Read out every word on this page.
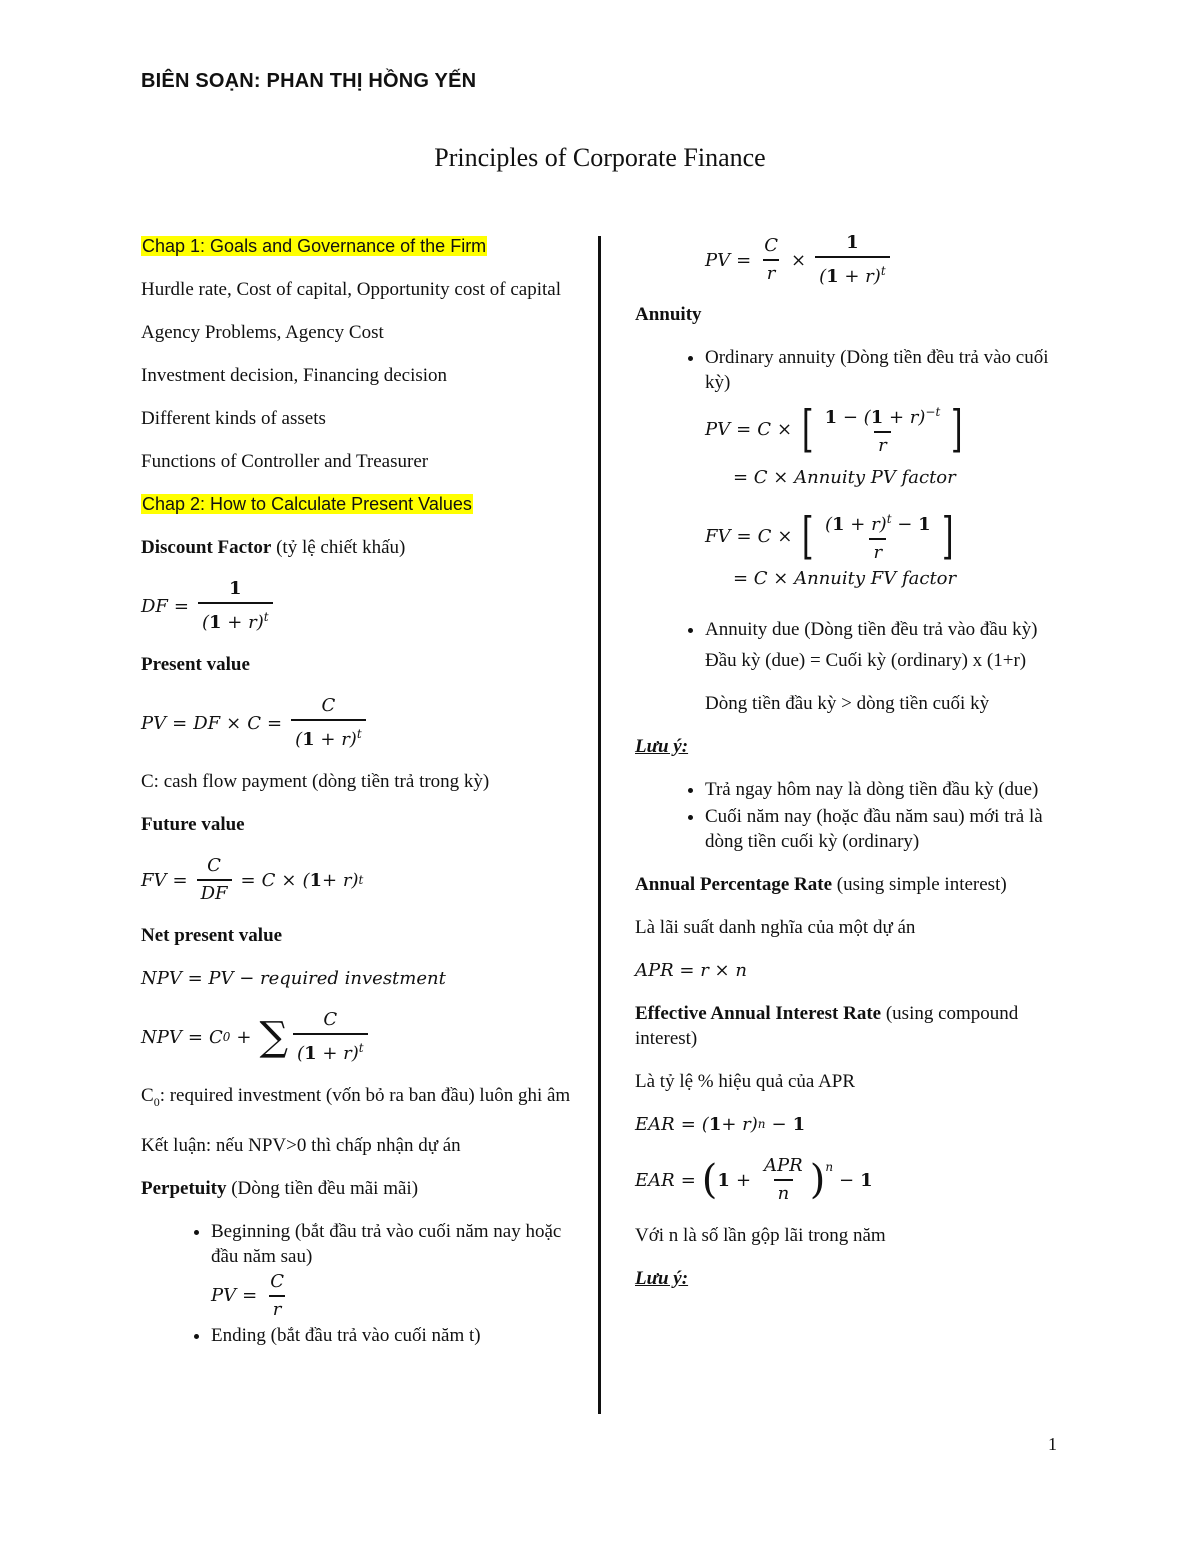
BIÊN SOẠN: PHAN THỊ HỒNG YẾN
Principles of Corporate Finance

Chap 1: Goals and Governance of the Firm

Hurdle rate, Cost of capital, Opportunity cost of capital

Agency Problems, Agency Cost

Investment decision, Financing decision

Different kinds of assets

Functions of Controller and Treasurer

Chap 2: How to Calculate Present Values

Discount Factor (tỷ lệ chiết khấu)

DF = $\frac{1}{(1 + r)^t}$

Present value

PV = DF × $C = \frac{C}{(1 + r)^t}$

C: cash flow payment (dòng tiền trả trong kỳ)

Future value

FV = $\frac{C}{DF} = C$ × ( 1 + r) t

Net present value

NPV = PV − required investment
NPV = C 0 + ∑ $\frac{C}{(1 + r)^t}$

$C_0$: required investment (vốn bỏ ra ban đầu) luôn ghi âm

Kết luận: nếu NPV>0 thì chấp nhận dự án

Perpetuity (Dòng tiền đều mãi mãi)

• Beginning (bắt đầu trả vào cuối năm nay hoặc đầu năm sau)
PV = $\frac{C}{r}$
• Ending (bắt đầu trả vào cuối năm t)
PV = $\frac{C}{r} \times \frac{1}{(1 + r)^t}$

Annuity

• Ordinary annuity (Dòng tiền đều trả vào cuối kỳ)
PV = C × [ $\frac{1 - (1 + r)^{-t}}{r}$ ]
= C × Annuity PV factor
FV = C × [ $\frac{(1 + r)^t - 1}{r}$ ]
= C × Annuity FV factor
• Annuity due (Dòng tiền đều trả vào đầu kỳ)

Đầu kỳ (due) = Cuối kỳ (ordinary) x (1+r)

Dòng tiền đầu kỳ > dòng tiền cuối kỳ

Lưu ý:

• Trả ngay hôm nay là dòng tiền đầu kỳ (due)
• Cuối năm nay (hoặc đầu năm sau) mới trả là dòng tiền cuối kỳ (ordinary)

Annual Percentage Rate (using simple interest)

Là lãi suất danh nghĩa của một dự án

APR = r × n

Effective Annual Interest Rate (using compound interest)

Là tỷ lệ % hiệu quả của APR

EAR = ( 1 + r) n − 1
EAR = ( $1 + \frac{\text{APR}}{n} )^n$
− 1

Với n là số lần gộp lãi trong năm

Lưu ý:

1
